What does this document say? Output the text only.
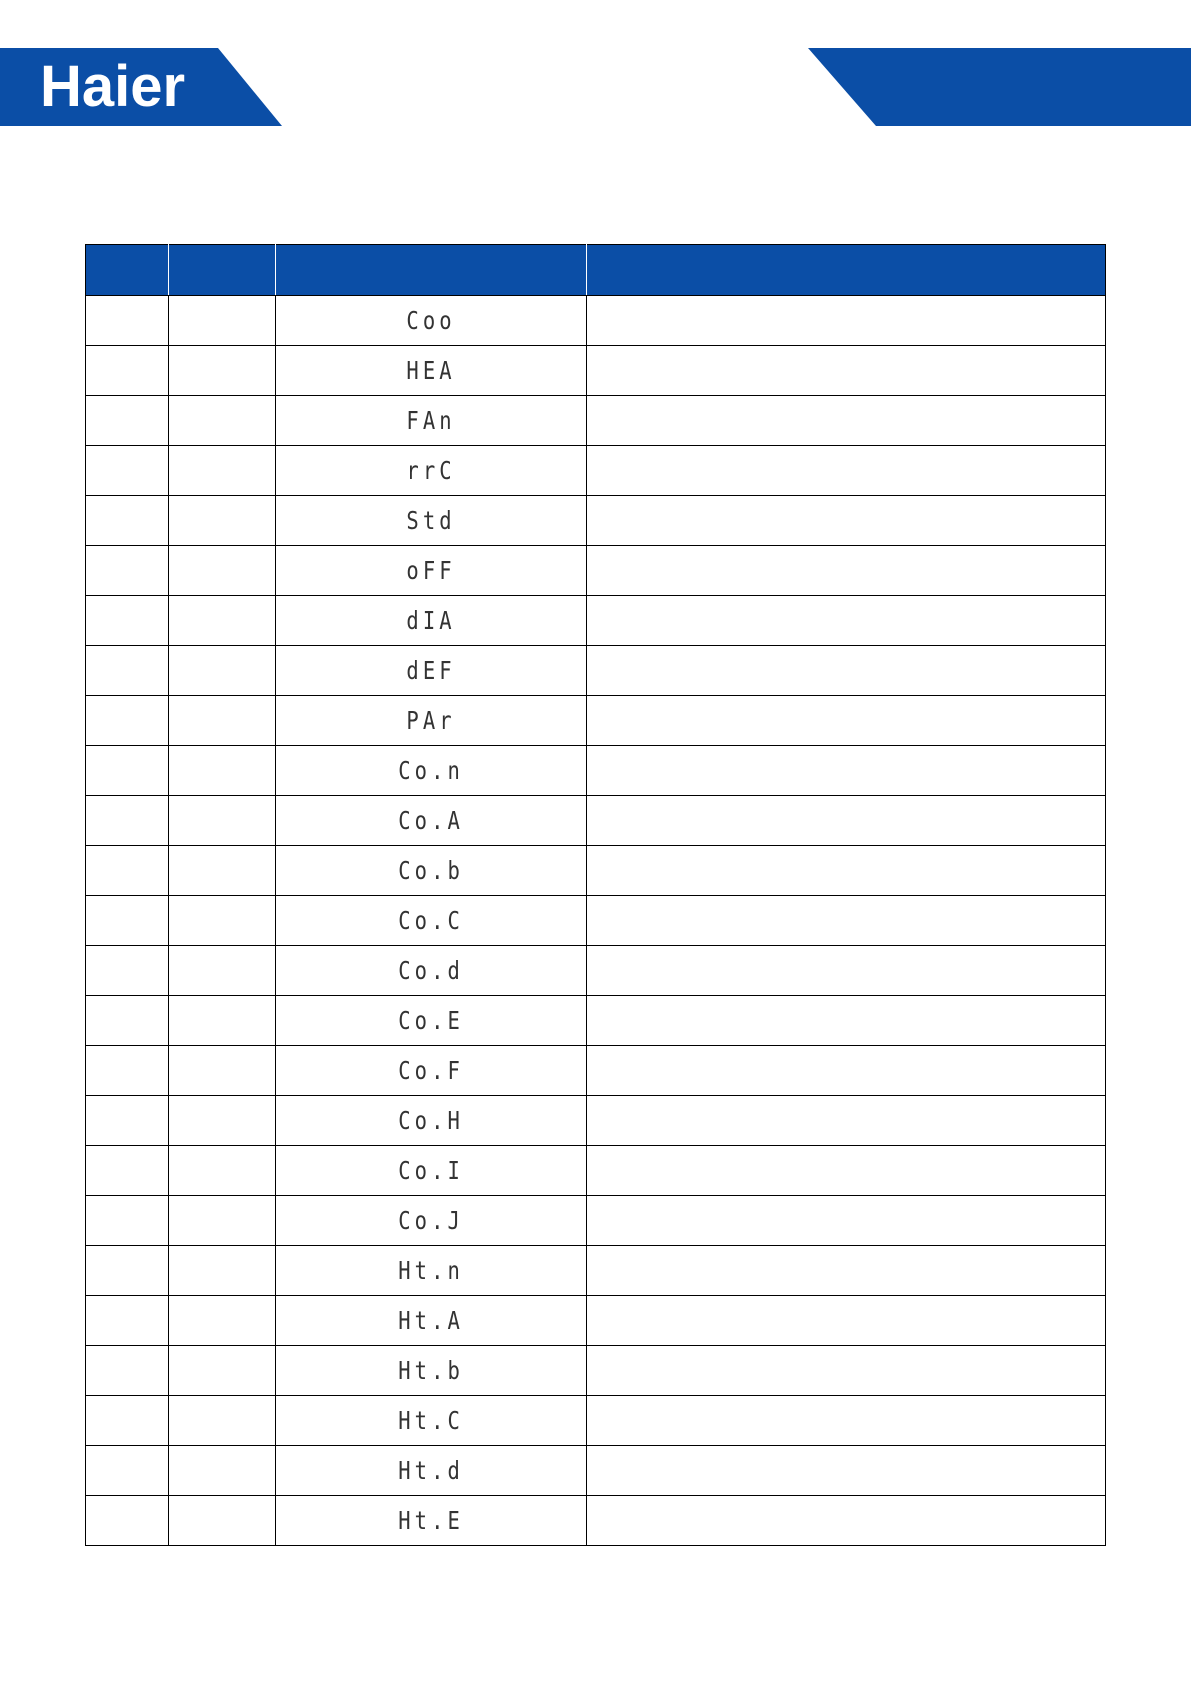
Haier

		Coo	
		HEA	
		FAn	
		rrC	
		Std	
		oFF	
		dIA	
		dEF	
		PAr	
		Co.n	
		Co.A	
		Co.b	
		Co.C	
		Co.d	
		Co.E	
		Co.F	
		Co.H	
		Co.I	
		Co.J	
		Ht.n	
		Ht.A	
		Ht.b	
		Ht.C	
		Ht.d	
		Ht.E	
